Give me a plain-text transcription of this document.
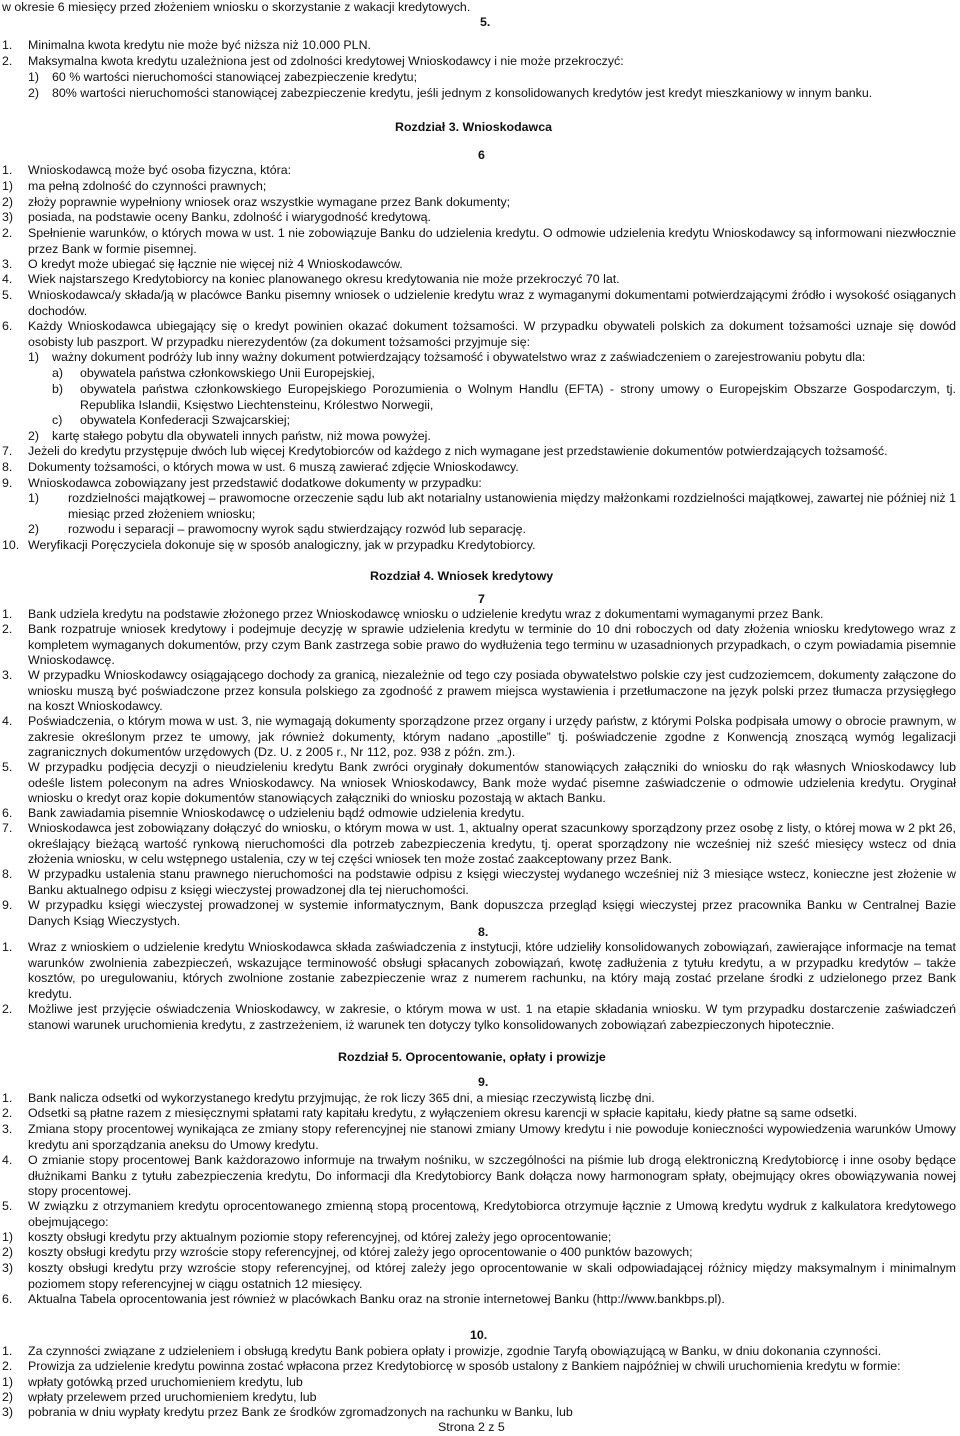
w okresie 6 miesięcy przed złożeniem wniosku o skorzystanie z wakacji kredytowych.
5.
1. Minimalna kwota kredytu nie może być niższa niż 10.000 PLN.
2. Maksymalna kwota kredytu uzależniona jest od zdolności kredytowej Wnioskodawcy i nie może przekroczyć:
1) 60 % wartości nieruchomości stanowiącej zabezpieczenie kredytu;
2) 80% wartości nieruchomości stanowiącej zabezpieczenie kredytu, jeśli jednym z konsolidowanych kredytów jest kredyt mieszkaniowy w innym banku.
Rozdział 3. Wnioskodawca
6
1. Wnioskodawcą może być osoba fizyczna, która:
1) ma pełną zdolność do czynności prawnych;
2) złoży poprawnie wypełniony wniosek oraz wszystkie wymagane przez Bank dokumenty;
3) posiada, na podstawie oceny Banku, zdolność i wiarygodność kredytową.
2. Spełnienie warunków, o których mowa w ust. 1 nie zobowiązuje Banku do udzielenia kredytu. O odmowie udzielenia kredytu Wnioskodawcy są informowani niezwłocznie przez Bank w formie pisemnej.
3. O kredyt może ubiegać się łącznie nie więcej niż 4 Wnioskodawców.
4. Wiek najstarszego Kredytobiorcy na koniec planowanego okresu kredytowania nie może przekroczyć 70 lat.
5. Wnioskodawca/y składa/ją w placówce Banku pisemny wniosek o udzielenie kredytu wraz z wymaganymi dokumentami potwierdzającymi źródło i wysokość osiąganych dochodów.
6. Każdy Wnioskodawca ubiegający się o kredyt powinien okazać dokument tożsamości. W przypadku obywateli polskich za dokument tożsamości uznaje się dowód osobisty lub paszport. W przypadku nierezydentów (za dokument tożsamości przyjmuje się:
1) ważny dokument podróży lub inny ważny dokument potwierdzający tożsamość i obywatelstwo wraz z zaświadczeniem o zarejestrowaniu pobytu dla:
a) obywatela państwa członkowskiego Unii Europejskiej,
b) obywatela państwa członkowskiego Europejskiego Porozumienia o Wolnym Handlu (EFTA) - strony umowy o Europejskim Obszarze Gospodarczym, tj. Republika Islandii, Księstwo Liechtensteinu, Królestwo Norwegii,
c) obywatela Konfederacji Szwajcarskiej;
2) kartę stałego pobytu dla obywateli innych państw, niż mowa powyżej.
7. Jeżeli do kredytu przystępuje dwóch lub więcej Kredytobiorców od każdego z nich wymagane jest przedstawienie dokumentów potwierdzających tożsamość.
8. Dokumenty tożsamości, o których mowa w ust. 6 muszą zawierać zdjęcie Wnioskodawcy.
9. Wnioskodawca zobowiązany jest przedstawić dodatkowe dokumenty w przypadku:
1) rozdzielności majątkowej – prawomocne orzeczenie sądu lub akt notarialny ustanowienia między małżonkami rozdzielności majątkowej, zawartej nie później niż 1 miesiąc przed złożeniem wniosku;
2) rozwodu i separacji – prawomocny wyrok sądu stwierdzający rozwód lub separację.
10. Weryfikacji Poręczyciela dokonuje się w sposób analogiczny, jak w przypadku Kredytobiorcy.
Rozdział 4. Wniosek kredytowy
7
1. Bank udziela kredytu na podstawie złożonego przez Wnioskodawcę wniosku o udzielenie kredytu wraz z dokumentami wymaganymi przez Bank.
2. Bank rozpatruje wniosek kredytowy i podejmuje decyzję w sprawie udzielenia kredytu w terminie do 10 dni roboczych od daty złożenia wniosku kredytowego wraz z kompletem wymaganych dokumentów, przy czym Bank zastrzega sobie prawo do wydłużenia tego terminu w uzasadnionych przypadkach, o czym powiadamia pisemnie Wnioskodawcę.
3. W przypadku Wnioskodawcy osiągającego dochody za granicą, niezależnie od tego czy posiada obywatelstwo polskie czy jest cudzoziemcem, dokumenty załączone do wniosku muszą być poświadczone przez konsula polskiego za zgodność z prawem miejsca wystawienia i przetłumaczone na język polski przez tłumacza przysięgłego na koszt Wnioskodawcy.
4. Poświadczenia, o którym mowa w ust. 3, nie wymagają dokumenty sporządzone przez organy i urzędy państw, z którymi Polska podpisała umowy o obrocie prawnym, w zakresie określonym przez te umowy, jak również dokumenty, którym nadano „apostille” tj. poświadczenie zgodne z Konwencją znoszącą wymóg legalizacji zagranicznych dokumentów urzędowych (Dz. U. z 2005 r., Nr 112, poz. 938 z późn. zm.).
5. W przypadku podjęcia decyzji o nieudzieleniu kredytu Bank zwróci oryginały dokumentów stanowiących załączniki do wniosku do rąk własnych Wnioskodawcy lub odeśle listem poleconym na adres Wnioskodawcy. Na wniosek Wnioskodawcy, Bank może wydać pisemne zaświadczenie o odmowie udzielenia kredytu. Oryginał wniosku o kredyt oraz kopie dokumentów stanowiących załączniki do wniosku pozostają w aktach Banku.
6. Bank zawiadamia pisemnie Wnioskodawcę o udzieleniu bądź odmowie udzielenia kredytu.
7. Wnioskodawca jest zobowiązany dołączyć do wniosku, o którym mowa w ust. 1, aktualny operat szacunkowy sporządzony przez osobę z listy, o której mowa w 2 pkt 26, określający bieżącą wartość rynkową nieruchomości dla potrzeb zabezpieczenia kredytu, tj. operat sporządzony nie wcześniej niż sześć miesięcy wstecz od dnia złożenia wniosku, w celu wstępnego ustalenia, czy w tej części wniosek ten może zostać zaakceptowany przez Bank.
8. W przypadku ustalenia stanu prawnego nieruchomości na podstawie odpisu z księgi wieczystej wydanego wcześniej niż 3 miesiące wstecz, konieczne jest złożenie w Banku aktualnego odpisu z księgi wieczystej prowadzonej dla tej nieruchomości.
9. W przypadku księgi wieczystej prowadzonej w systemie informatycznym, Bank dopuszcza przegląd księgi wieczystej przez pracownika Banku w Centralnej Bazie Danych Ksiąg Wieczystych.
8.
1. Wraz z wnioskiem o udzielenie kredytu Wnioskodawca składa zaświadczenia z instytucji, które udzieliły konsolidowanych zobowiązań, zawierające informacje na temat warunków zwolnienia zabezpieczeń, wskazujące terminowość obsługi spłacanych zobowiązań, kwotę zadłużenia z tytułu kredytu, a w przypadku kredytów – także kosztów, po uregulowaniu, których zwolnione zostanie zabezpieczenie wraz z numerem rachunku, na który mają zostać przelane środki z udzielonego przez Bank kredytu.
2. Możliwe jest przyjęcie oświadczenia Wnioskodawcy, w zakresie, o którym mowa w ust. 1 na etapie składania wniosku. W tym przypadku dostarczenie zaświadczeń stanowi warunek uruchomienia kredytu, z zastrzeżeniem, iż warunek ten dotyczy tylko konsolidowanych zobowiązań zabezpieczonych hipotecznie.
Rozdział 5. Oprocentowanie, opłaty i prowizje
9.
1. Bank nalicza odsetki od wykorzystanego kredytu przyjmując, że rok liczy 365 dni, a miesiąc rzeczywistą liczbę dni.
2. Odsetki są płatne razem z miesięcznymi spłatami raty kapitału kredytu, z wyłączeniem okresu karencji w spłacie kapitału, kiedy płatne są same odsetki.
3. Zmiana stopy procentowej wynikająca ze zmiany stopy referencyjnej nie stanowi zmiany Umowy kredytu i nie powoduje konieczności wypowiedzenia warunków Umowy kredytu ani sporządzania aneksu do Umowy kredytu.
4. O zmianie stopy procentowej Bank każdorazowo informuje na trwałym nośniku, w szczególności na piśmie lub drogą elektroniczną Kredytobiorcę i inne osoby będące dłużnikami Banku z tytułu zabezpieczenia kredytu, Do informacji dla Kredytobiorcy Bank dołącza nowy harmonogram spłaty, obejmujący okres obowiązywania nowej stopy procentowej.
5. W związku z otrzymaniem kredytu oprocentowanego zmienną stopą procentową, Kredytobiorca otrzymuje łącznie z Umową kredytu wydruk z kalkulatora kredytowego obejmującego:
1) koszty obsługi kredytu przy aktualnym poziomie stopy referencyjnej, od której zależy jego oprocentowanie;
2) koszty obsługi kredytu przy wzroście stopy referencyjnej, od której zależy jego oprocentowanie o 400 punktów bazowych;
3) koszty obsługi kredytu przy wzroście stopy referencyjnej, od której zależy jego oprocentowanie w skali odpowiadającej różnicy między maksymalnym i minimalnym poziomem stopy referencyjnej w ciągu ostatnich 12 miesięcy.
6. Aktualna Tabela oprocentowania jest również w placówkach Banku oraz na stronie internetowej Banku (http://www.bankbps.pl).
10.
1. Za czynności związane z udzieleniem i obsługą kredytu Bank pobiera opłaty i prowizje, zgodnie Taryfą obowiązującą w Banku, w dniu dokonania czynności.
2. Prowizja za udzielenie kredytu powinna zostać wpłacona przez Kredytobiorcę w sposób ustalony z Bankiem najpóźniej w chwili uruchomienia kredytu w formie:
1) wpłaty gotówką przed uruchomieniem kredytu, lub
2) wpłaty przelewem przed uruchomieniem kredytu, lub
3) pobrania w dniu wypłaty kredytu przez Bank ze środków zgromadzonych na rachunku w Banku, lub
Strona 2 z 5
